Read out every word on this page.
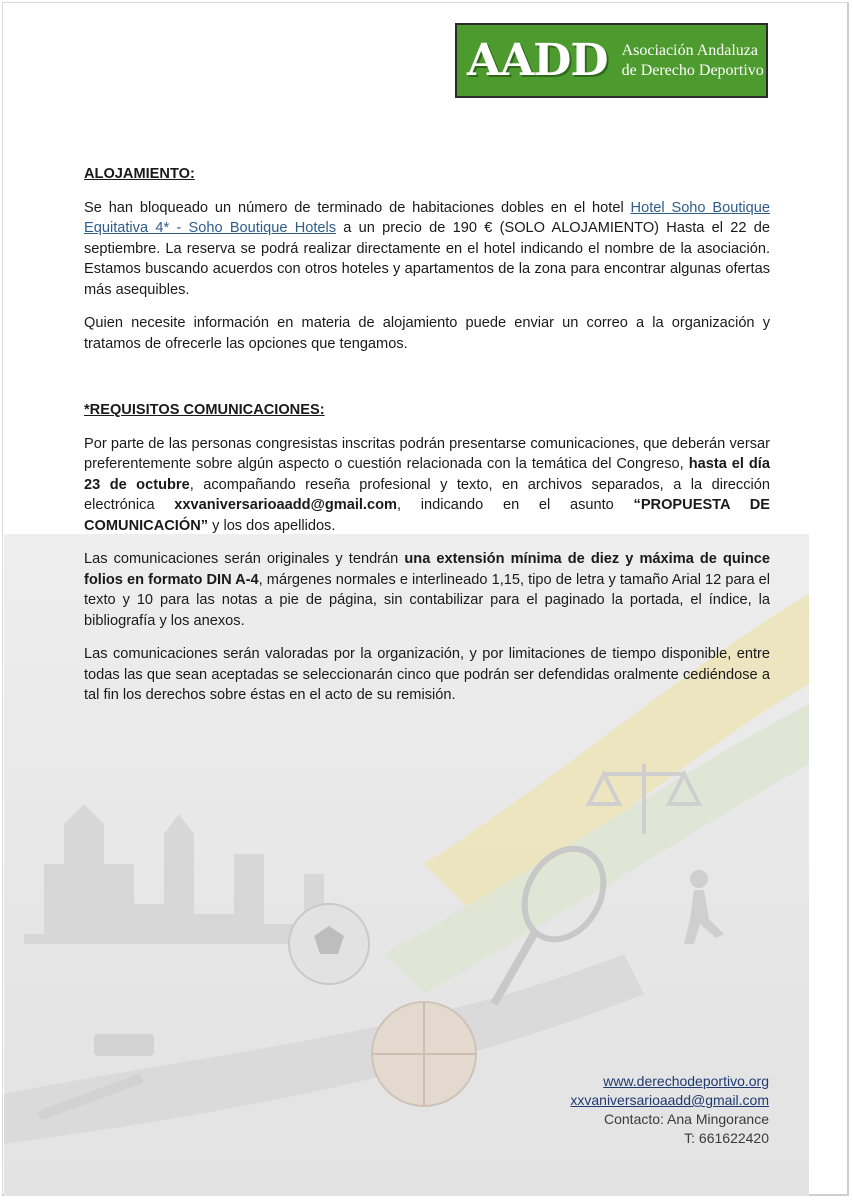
AADD Asociación Andaluza
de Derecho Deportivo
ALOJAMIENTO:

Se han bloqueado un número de terminado de habitaciones dobles en el hotel Hotel Soho Boutique Equitativa 4* - Soho Boutique Hotels a un precio de 190 € (SOLO ALOJAMIENTO) Hasta el 22 de septiembre. La reserva se podrá realizar directamente en el hotel indicando el nombre de la asociación. Estamos buscando acuerdos con otros hoteles y apartamentos de la zona para encontrar algunas ofertas más asequibles.

Quien necesite información en materia de alojamiento puede enviar un correo a la organización y tratamos de ofrecerle las opciones que tengamos.

*REQUISITOS COMUNICACIONES:

Por parte de las personas congresistas inscritas podrán presentarse comunicaciones, que deberán versar preferentemente sobre algún aspecto o cuestión relacionada con la temática del Congreso, hasta el día 23 de octubre, acompañando reseña profesional y texto, en archivos separados, a la dirección electrónica xxvaniversarioaadd@gmail.com, indicando en el asunto “PROPUESTA DE COMUNICACIÓN” y los dos apellidos.

Las comunicaciones serán originales y tendrán una extensión mínima de diez y máxima de quince folios en formato DIN A-4, márgenes normales e interlineado 1,15, tipo de letra y tamaño Arial 12 para el texto y 10 para las notas a pie de página, sin contabilizar para el paginado la portada, el índice, la bibliografía y los anexos.

Las comunicaciones serán valoradas por la organización, y por limitaciones de tiempo disponible, entre todas las que sean aceptadas se seleccionarán cinco que podrán ser defendidas oralmente cediéndose a tal fin los derechos sobre éstas en el acto de su remisión.

www.derechodeportivo.org
xxvaniversarioaadd@gmail.com
Contacto: Ana Mingorance
T: 661622420
